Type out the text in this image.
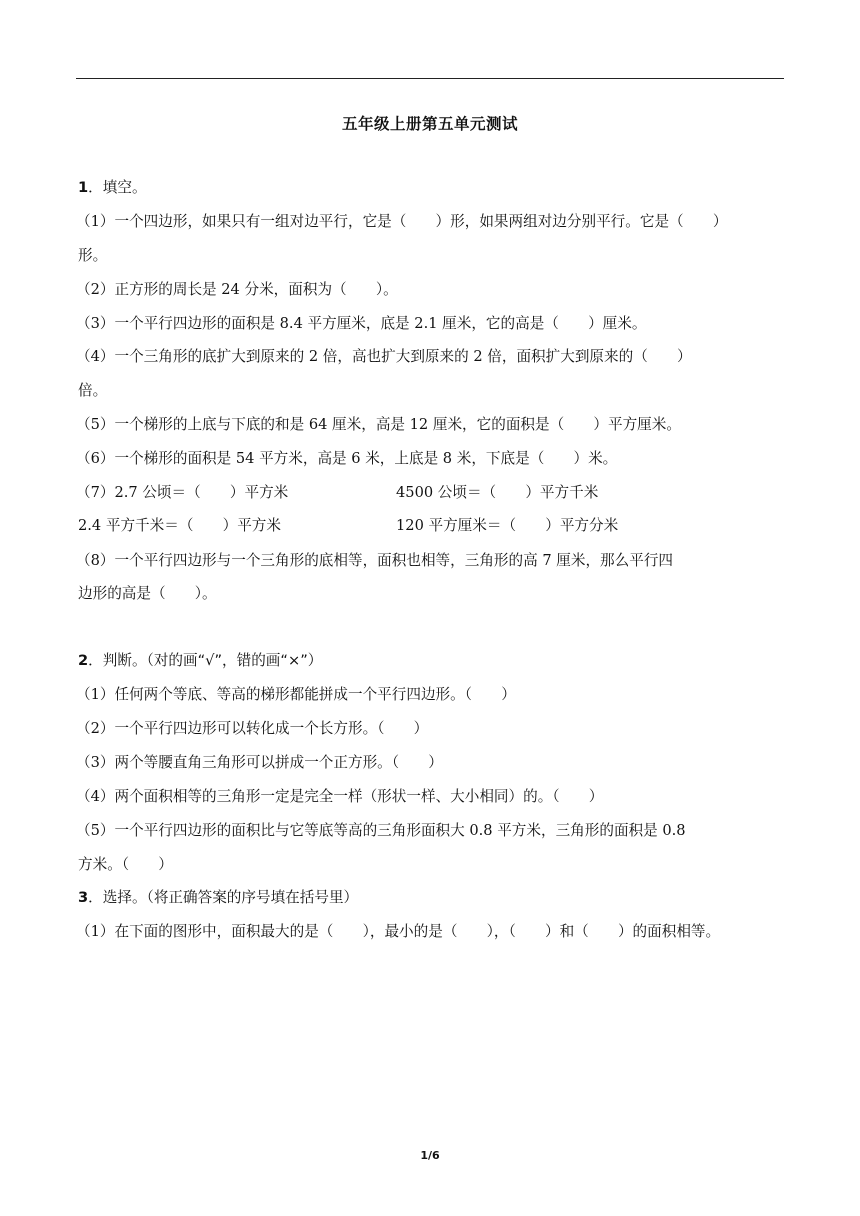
五年级上册第五单元测试
1．填空。
（1）一个四边形，如果只有一组对边平行，它是（　　）形，如果两组对边分别平行。它是（　　）
形。
（2）正方形的周长是 24 分米，面积为（　　）。
（3）一个平行四边形的面积是 8.4 平方厘米，底是 2.1 厘米，它的高是（　　）厘米。
（4）一个三角形的底扩大到原来的 2 倍，高也扩大到原来的 2 倍，面积扩大到原来的（　　）
倍。
（5）一个梯形的上底与下底的和是 64 厘米，高是 12 厘米，它的面积是（　　）平方厘米。
（6）一个梯形的面积是 54 平方米，高是 6 米，上底是 8 米，下底是（　　）米。
（7）2.7 公顷＝（　　）平方米	4500 公顷＝（　　）平方千米
2.4 平方千米＝（　　）平方米	120 平方厘米＝（　　）平方分米
（8）一个平行四边形与一个三角形的底相等，面积也相等，三角形的高 7 厘米，那么平行四
边形的高是（　　）。
2．判断。（对的画“√”，错的画“×”）
（1）任何两个等底、等高的梯形都能拼成一个平行四边形。（　　）
（2）一个平行四边形可以转化成一个长方形。（　　）
（3）两个等腰直角三角形可以拼成一个正方形。（　　）
（4）两个面积相等的三角形一定是完全一样（形状一样、大小相同）的。（　　）
（5）一个平行四边形的面积比与它等底等高的三角形面积大 0.8 平方米，三角形的面积是 0.8
方米。（　　）
3．选择。（将正确答案的序号填在括号里）
（1）在下面的图形中，面积最大的是（　　），最小的是（　　），（　　）和（　　）的面积相等。
1/6
